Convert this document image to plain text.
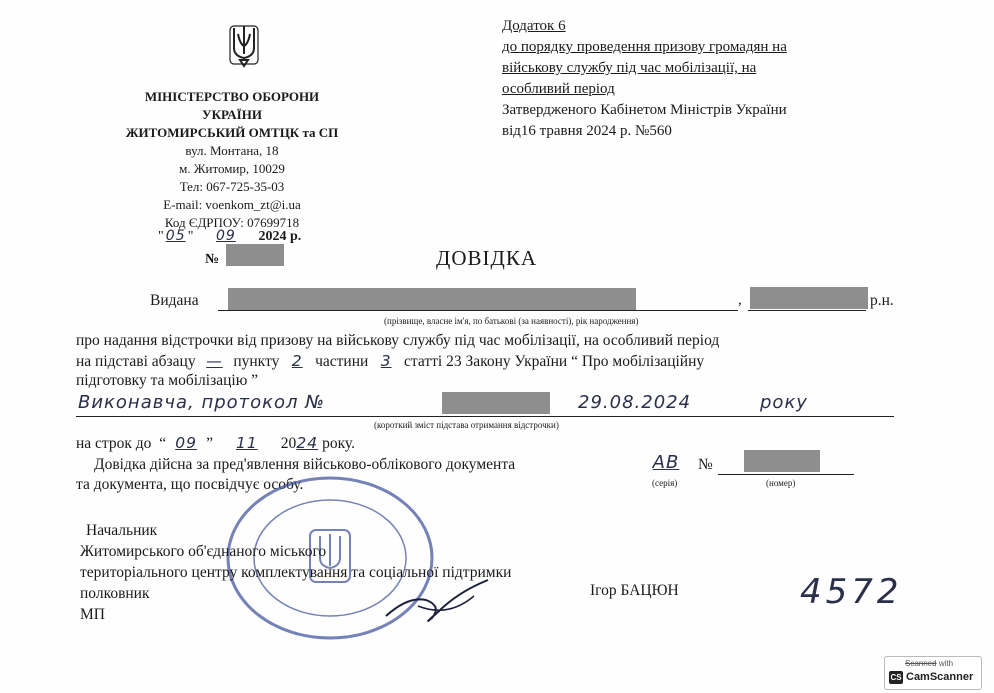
МІНІСТЕРСТВО ОБОРОНИ
УКРАЇНИ
ЖИТОМИРСЬКИЙ ОМТЦК та СП
вул. Монтана, 18
м. Житомир, 10029
Тел: 067-725-35-03
E-mail: voenkom_zt@i.ua
Код ЄДРПОУ: 07699718
" 05 " 09 2024 р.
№
Додаток 6
до порядку проведення призову громадян на
військову службу під час мобілізації, на
особливий період
Затвердженого Кабінетом Міністрів України
від16 травня 2024 р. №560
ДОВІДКА
Видана	,	р.н.
(прізвище, власне ім'я, по батькові (за наявності), рік народження)
про надання відстрочки від призову на військову службу під час мобілізації, на особливий період
на підставі абзацу — пункту 2 частини 3 статті 23 Закону України “ Про мобілізаційну
підготовку та мобілізацію ”
Виконавча, протокол №	29.08.2024	року
(короткий зміст підстава отримання відстрочки)
на строк до  “ 09 ” 11 2024 року.
Довідка дійсна за пред'явлення військово-облікового документа	АВ	№
(серія)	(номер)
та документа, що посвідчує особу.
Начальник
Житомирського об'єднаного міського
територіального центру комплектування та соціальної підтримки
полковник
МП
Ігор БАЦЮН	4572
Scanned with
CS CamScanner
